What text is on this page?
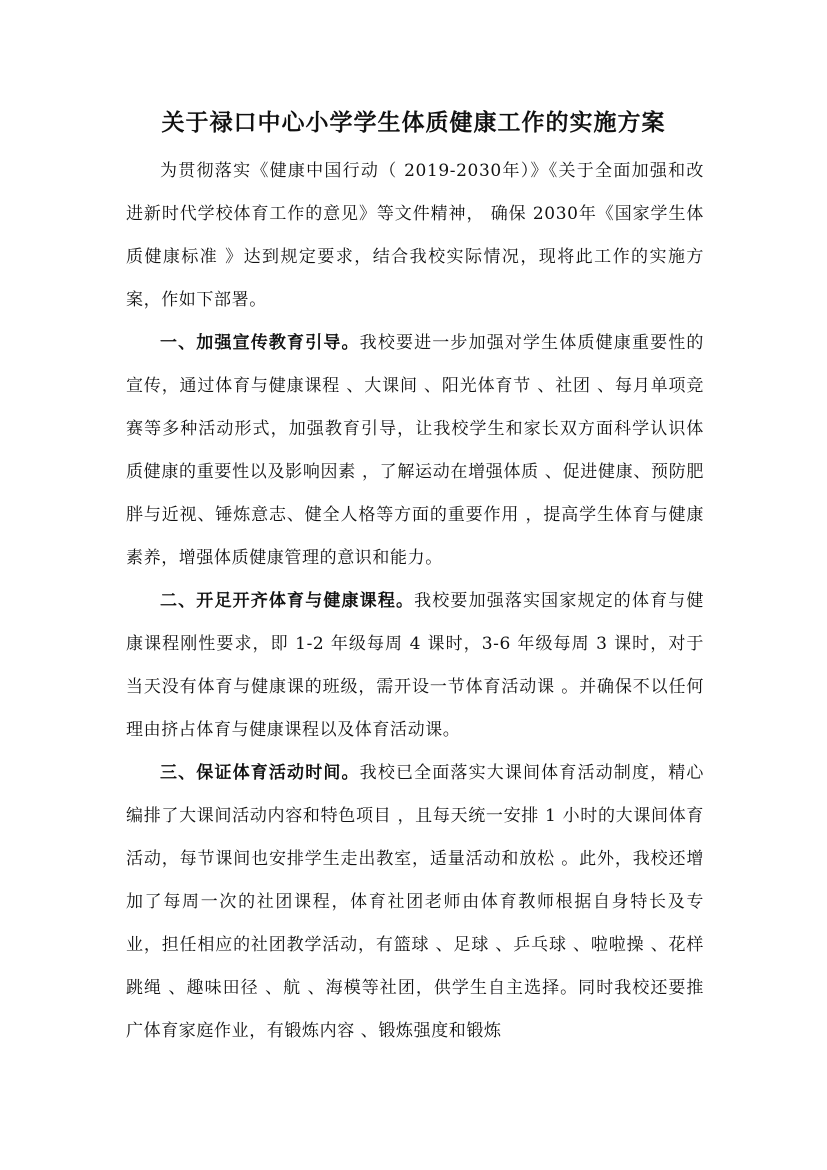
关于禄口中心小学学生体质健康工作的实施方案

为贯彻落实《健康中国行动（ 2019-2030年）》《关于全面加强和改进新时代学校体育工作的意见》等文件精神， 确保 2030年《国家学生体质健康标准 》达到规定要求，结合我校实际情况，现将此工作的实施方案，作如下部署。

一、加强宣传教育引导。我校要进一步加强对学生体质健康重要性的宣传，通过体育与健康课程 、大课间 、阳光体育节 、社团 、每月单项竞赛等多种活动形式，加强教育引导，让我校学生和家长双方面科学认识体质健康的重要性以及影响因素 ，了解运动在增强体质 、促进健康、预防肥胖与近视、锤炼意志、健全人格等方面的重要作用 ，提高学生体育与健康素养，增强体质健康管理的意识和能力。

二、开足开齐体育与健康课程。我校要加强落实国家规定的体育与健康课程刚性要求，即 1-2 年级每周 4 课时，3-6 年级每周 3 课时，对于当天没有体育与健康课的班级，需开设一节体育活动课 。并确保不以任何理由挤占体育与健康课程以及体育活动课。

三、保证体育活动时间。我校已全面落实大课间体育活动制度，精心编排了大课间活动内容和特色项目 ，且每天统一安排 1 小时的大课间体育活动，每节课间也安排学生走出教室，适量活动和放松 。此外，我校还增加了每周一次的社团课程，体育社团老师由体育教师根据自身特长及专业，担任相应的社团教学活动，有篮球 、足球 、乒乓球 、啦啦操 、花样跳绳 、趣味田径 、航 、海模等社团，供学生自主选择。同时我校还要推广体育家庭作业，有锻炼内容 、锻炼强度和锻炼
